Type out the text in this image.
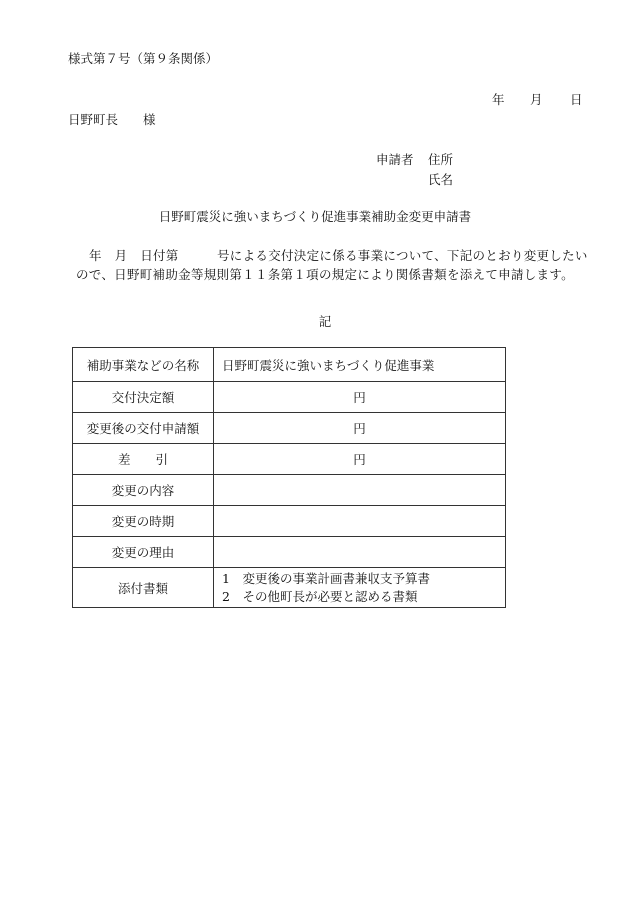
様式第７号（第９条関係）
年 月 日
日野町長　　様
申請者	住所
氏名
日野町震災に強いまちづくり促進事業補助金変更申請書
年　月　日付第　　　号による交付決定に係る事業について、下記のとおり変更したいので、日野町補助金等規則第１１条第１項の規定により関係書類を添えて申請します。
記
補助事業などの名称	日野町震災に強いまちづくり促進事業
交付決定額	円
変更後の交付申請額	円
差　　引	円
変更の内容	
変更の時期	
変更の理由	
添付書類	1　変更後の事業計画書兼収支予算書
2　その他町長が必要と認める書類
